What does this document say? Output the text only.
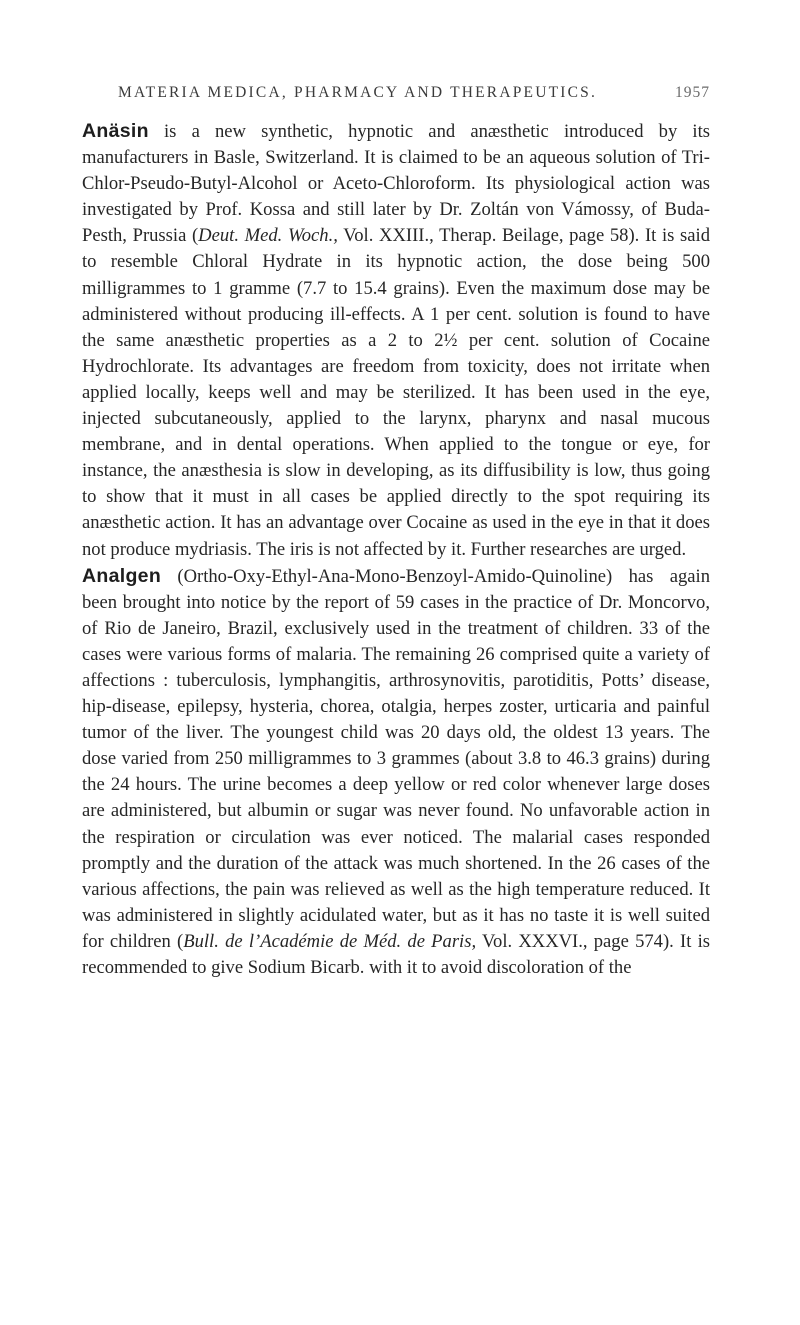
MATERIA MEDICA, PHARMACY AND THERAPEUTICS.	1957

Anäsin is a new synthetic, hypnotic and anæsthetic introduced by its manufacturers in Basle, Switzerland. It is claimed to be an aqueous solution of Tri-Chlor-Pseudo-Butyl-Alcohol or Aceto-Chloroform. Its physiological action was investigated by Prof. Kossa and still later by Dr. Zoltán von Vámossy, of Buda-Pesth, Prussia (Deut. Med. Woch., Vol. XXIII., Therap. Beilage, page 58). It is said to resemble Chloral Hydrate in its hypnotic action, the dose being 500 milligrammes to 1 gramme (7.7 to 15.4 grains). Even the maximum dose may be administered without producing ill-effects. A 1 per cent. solution is found to have the same anæsthetic properties as a 2 to 2½ per cent. solution of Cocaine Hydrochlorate. Its advantages are freedom from toxicity, does not irritate when applied locally, keeps well and may be sterilized. It has been used in the eye, injected subcutaneously, applied to the larynx, pharynx and nasal mucous membrane, and in dental operations. When applied to the tongue or eye, for instance, the anæsthesia is slow in developing, as its diffusibility is low, thus going to show that it must in all cases be applied directly to the spot requiring its anæsthetic action. It has an advantage over Cocaine as used in the eye in that it does not produce mydriasis. The iris is not affected by it. Further researches are urged.

Analgen (Ortho-Oxy-Ethyl-Ana-Mono-Benzoyl-Amido-Quinoline) has again been brought into notice by the report of 59 cases in the practice of Dr. Moncorvo, of Rio de Janeiro, Brazil, exclusively used in the treatment of children. 33 of the cases were various forms of malaria. The remaining 26 comprised quite a variety of affections : tuberculosis, lymphangitis, arthrosynovitis, parotiditis, Potts’ disease, hip-disease, epilepsy, hysteria, chorea, otalgia, herpes zoster, urticaria and painful tumor of the liver. The youngest child was 20 days old, the oldest 13 years. The dose varied from 250 milligrammes to 3 grammes (about 3.8 to 46.3 grains) during the 24 hours. The urine becomes a deep yellow or red color whenever large doses are administered, but albumin or sugar was never found. No unfavorable action in the respiration or circulation was ever noticed. The malarial cases responded promptly and the duration of the attack was much shortened. In the 26 cases of the various affections, the pain was relieved as well as the high temperature reduced. It was administered in slightly acidulated water, but as it has no taste it is well suited for children (Bull. de l’Académie de Méd. de Paris, Vol. XXXVI., page 574). It is recommended to give Sodium Bicarb. with it to avoid discoloration of the
